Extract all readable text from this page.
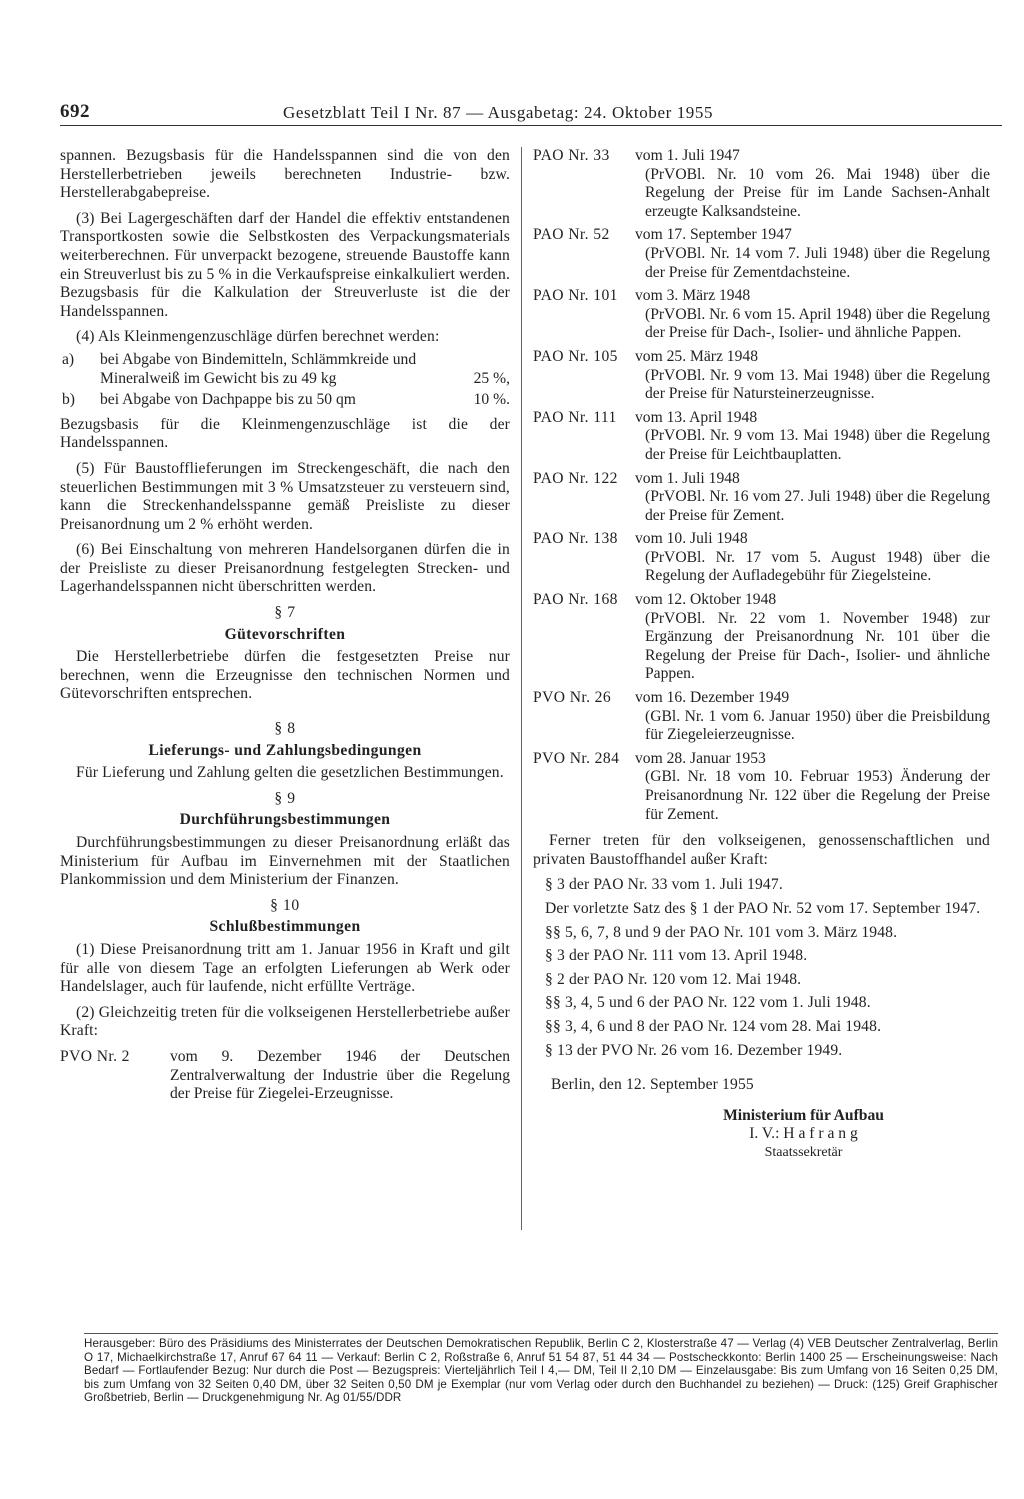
692	Gesetzblatt Teil I Nr. 87 — Ausgabetag: 24. Oktober 1955

spannen. Bezugsbasis für die Handelsspannen sind die von den Herstellerbetrieben jeweils berechneten Industrie- bzw. Herstellerabgabepreise.

(3) Bei Lagergeschäften darf der Handel die effektiv entstandenen Transportkosten sowie die Selbstkosten des Verpackungsmaterials weiterberechnen. Für unverpackt bezogene, streuende Baustoffe kann ein Streuverlust bis zu 5 % in die Verkaufspreise einkalkuliert werden. Bezugsbasis für die Kalkulation der Streuverluste ist die der Handelsspannen.

(4) Als Kleinmengenzuschläge dürfen berechnet werden:

a) bei Abgabe von Bindemitteln, Schlämmkreide und Mineralweiß im Gewicht bis zu 49 kg	25 %,
b) bei Abgabe von Dachpappe bis zu 50 qm	10 %.

Bezugsbasis für die Kleinmengenzuschläge ist die der Handelsspannen.

(5) Für Baustofflieferungen im Streckengeschäft, die nach den steuerlichen Bestimmungen mit 3 % Umsatzsteuer zu versteuern sind, kann die Streckenhandelsspanne gemäß Preisliste zu dieser Preisanordnung um 2 % erhöht werden.

(6) Bei Einschaltung von mehreren Handelsorganen dürfen die in der Preisliste zu dieser Preisanordnung festgelegten Strecken- und Lagerhandelsspannen nicht überschritten werden.

§ 7
Gütevorschriften

Die Herstellerbetriebe dürfen die festgesetzten Preise nur berechnen, wenn die Erzeugnisse den technischen Normen und Gütevorschriften entsprechen.

§ 8
Lieferungs- und Zahlungsbedingungen

Für Lieferung und Zahlung gelten die gesetzlichen Bestimmungen.

§ 9
Durchführungsbestimmungen

Durchführungsbestimmungen zu dieser Preisanordnung erläßt das Ministerium für Aufbau im Einvernehmen mit der Staatlichen Plankommission und dem Ministerium der Finanzen.

§ 10
Schlußbestimmungen

(1) Diese Preisanordnung tritt am 1. Januar 1956 in Kraft und gilt für alle von diesem Tage an erfolgten Lieferungen ab Werk oder Handelslager, auch für laufende, nicht erfüllte Verträge.

(2) Gleichzeitig treten für die volkseigenen Herstellerbetriebe außer Kraft:

PVO Nr. 2	vom 9. Dezember 1946 der Deutschen Zentralverwaltung der Industrie über die Regelung der Preise für Ziegelei-Erzeugnisse.
PAO Nr. 33	vom 1. Juli 1947
(PrVOBl. Nr. 10 vom 26. Mai 1948) über die Regelung der Preise für im Lande Sachsen-Anhalt erzeugte Kalksandsteine.
PAO Nr. 52	vom 17. September 1947
(PrVOBl. Nr. 14 vom 7. Juli 1948) über die Regelung der Preise für Zementdachsteine.
PAO Nr. 101	vom 3. März 1948
(PrVOBl. Nr. 6 vom 15. April 1948) über die Regelung der Preise für Dach-, Isolier- und ähnliche Pappen.
PAO Nr. 105	vom 25. März 1948
(PrVOBl. Nr. 9 vom 13. Mai 1948) über die Regelung der Preise für Natursteinerzeugnisse.
PAO Nr. 111	vom 13. April 1948
(PrVOBl. Nr. 9 vom 13. Mai 1948) über die Regelung der Preise für Leichtbauplatten.
PAO Nr. 122	vom 1. Juli 1948
(PrVOBl. Nr. 16 vom 27. Juli 1948) über die Regelung der Preise für Zement.
PAO Nr. 138	vom 10. Juli 1948
(PrVOBl. Nr. 17 vom 5. August 1948) über die Regelung der Aufladegebühr für Ziegelsteine.
PAO Nr. 168	vom 12. Oktober 1948
(PrVOBl. Nr. 22 vom 1. November 1948) zur Ergänzung der Preisanordnung Nr. 101 über die Regelung der Preise für Dach-, Isolier- und ähnliche Pappen.
PVO Nr. 26	vom 16. Dezember 1949
(GBl. Nr. 1 vom 6. Januar 1950) über die Preisbildung für Ziegeleierzeugnisse.
PVO Nr. 284	vom 28. Januar 1953
(GBl. Nr. 18 vom 10. Februar 1953) Änderung der Preisanordnung Nr. 122 über die Regelung der Preise für Zement.

Ferner treten für den volkseigenen, genossenschaftlichen und privaten Baustoffhandel außer Kraft:

§ 3 der PAO Nr. 33 vom 1. Juli 1947.

Der vorletzte Satz des § 1 der PAO Nr. 52 vom 17. September 1947.

§§ 5, 6, 7, 8 und 9 der PAO Nr. 101 vom 3. März 1948.

§ 3 der PAO Nr. 111 vom 13. April 1948.

§ 2 der PAO Nr. 120 vom 12. Mai 1948.

§§ 3, 4, 5 und 6 der PAO Nr. 122 vom 1. Juli 1948.

§§ 3, 4, 6 und 8 der PAO Nr. 124 vom 28. Mai 1948.

§ 13 der PVO Nr. 26 vom 16. Dezember 1949.

Berlin, den 12. September 1955

Ministerium für Aufbau
I. V.: H a f r a n g
Staatssekretär
Herausgeber: Büro des Präsidiums des Ministerrates der Deutschen Demokratischen Republik, Berlin C 2, Klosterstraße 47 — Verlag (4) VEB Deutscher Zentralverlag, Berlin O 17, Michaelkirchstraße 17, Anruf 67 64 11 — Verkauf: Berlin C 2, Roßstraße 6, Anruf 51 54 87, 51 44 34 — Postscheckkonto: Berlin 1400 25 — Erscheinungsweise: Nach Bedarf — Fortlaufender Bezug: Nur durch die Post — Bezugspreis: Vierteljährlich Teil I 4,— DM, Teil II 2,10 DM — Einzelausgabe: Bis zum Umfang von 16 Seiten 0,25 DM, bis zum Umfang von 32 Seiten 0,40 DM, über 32 Seiten 0,50 DM je Exemplar (nur vom Verlag oder durch den Buchhandel zu beziehen) — Druck: (125) Greif Graphischer Großbetrieb, Berlin — Druckgenehmigung Nr. Ag 01/55/DDR
